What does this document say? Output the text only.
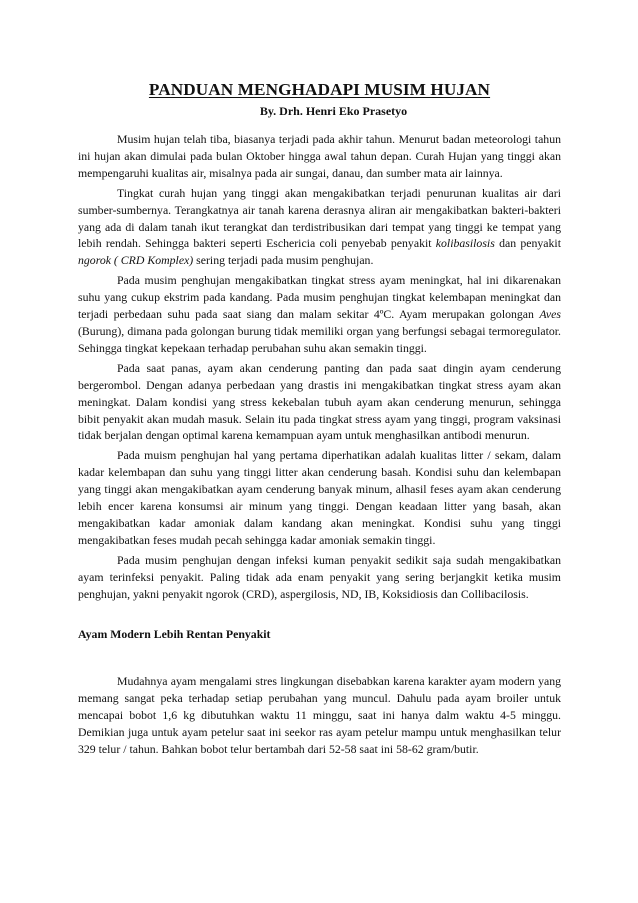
PANDUAN MENGHADAPI MUSIM HUJAN
By. Drh. Henri Eko Prasetyo

Musim hujan telah tiba, biasanya terjadi pada akhir tahun. Menurut badan meteorologi tahun ini hujan akan dimulai pada bulan Oktober hingga awal tahun depan. Curah Hujan yang tinggi akan mempengaruhi kualitas air, misalnya pada air sungai, danau, dan sumber mata air lainnya.

Tingkat curah hujan yang tinggi akan mengakibatkan terjadi penurunan kualitas air dari sumber-sumbernya. Terangkatnya air tanah karena derasnya aliran air mengakibatkan bakteri-bakteri yang ada di dalam tanah ikut terangkat dan terdistribusikan dari tempat yang tinggi ke tempat yang lebih rendah. Sehingga bakteri seperti Eschericia coli penyebab penyakit kolibasilosis dan penyakit ngorok ( CRD Komplex) sering terjadi pada musim penghujan.

Pada musim penghujan mengakibatkan tingkat stress ayam meningkat, hal ini dikarenakan suhu yang cukup ekstrim pada kandang. Pada musim penghujan tingkat kelembapan meningkat dan terjadi perbedaan suhu pada saat siang dan malam sekitar 4ºC. Ayam merupakan golongan Aves (Burung), dimana pada golongan burung tidak memiliki organ yang berfungsi sebagai termoregulator. Sehingga tingkat kepekaan terhadap perubahan suhu akan semakin tinggi.

Pada saat panas, ayam akan cenderung panting dan pada saat dingin ayam cenderung bergerombol. Dengan adanya perbedaan yang drastis ini mengakibatkan tingkat stress ayam akan meningkat. Dalam kondisi yang stress kekebalan tubuh ayam akan cenderung menurun, sehingga bibit penyakit akan mudah masuk. Selain itu pada tingkat stress ayam yang tinggi, program vaksinasi tidak berjalan dengan optimal karena kemampuan ayam untuk menghasilkan antibodi menurun.

Pada muism penghujan hal yang pertama diperhatikan adalah kualitas litter / sekam, dalam kadar kelembapan dan suhu yang tinggi litter akan cenderung basah. Kondisi suhu dan kelembapan yang tinggi akan mengakibatkan ayam cenderung banyak minum, alhasil feses ayam akan cenderung lebih encer karena konsumsi air minum yang tinggi. Dengan keadaan litter yang basah, akan mengakibatkan kadar amoniak dalam kandang akan meningkat. Kondisi suhu yang tinggi mengakibatkan feses mudah pecah sehingga kadar amoniak semakin tinggi.

Pada musim penghujan dengan infeksi kuman penyakit sedikit saja sudah mengakibatkan ayam terinfeksi penyakit. Paling tidak ada enam penyakit yang sering berjangkit ketika musim penghujan, yakni penyakit ngorok (CRD), aspergilosis, ND, IB, Koksidiosis dan Collibacilosis.

Ayam Modern Lebih Rentan Penyakit

Mudahnya ayam mengalami stres lingkungan disebabkan karena karakter ayam modern yang memang sangat peka terhadap setiap perubahan yang muncul. Dahulu pada ayam broiler untuk mencapai bobot 1,6 kg dibutuhkan waktu 11 minggu, saat ini hanya dalm waktu 4-5 minggu. Demikian juga untuk ayam petelur saat ini seekor ras ayam petelur mampu untuk menghasilkan telur 329 telur / tahun. Bahkan bobot telur bertambah dari 52-58 saat ini 58-62 gram/butir.
